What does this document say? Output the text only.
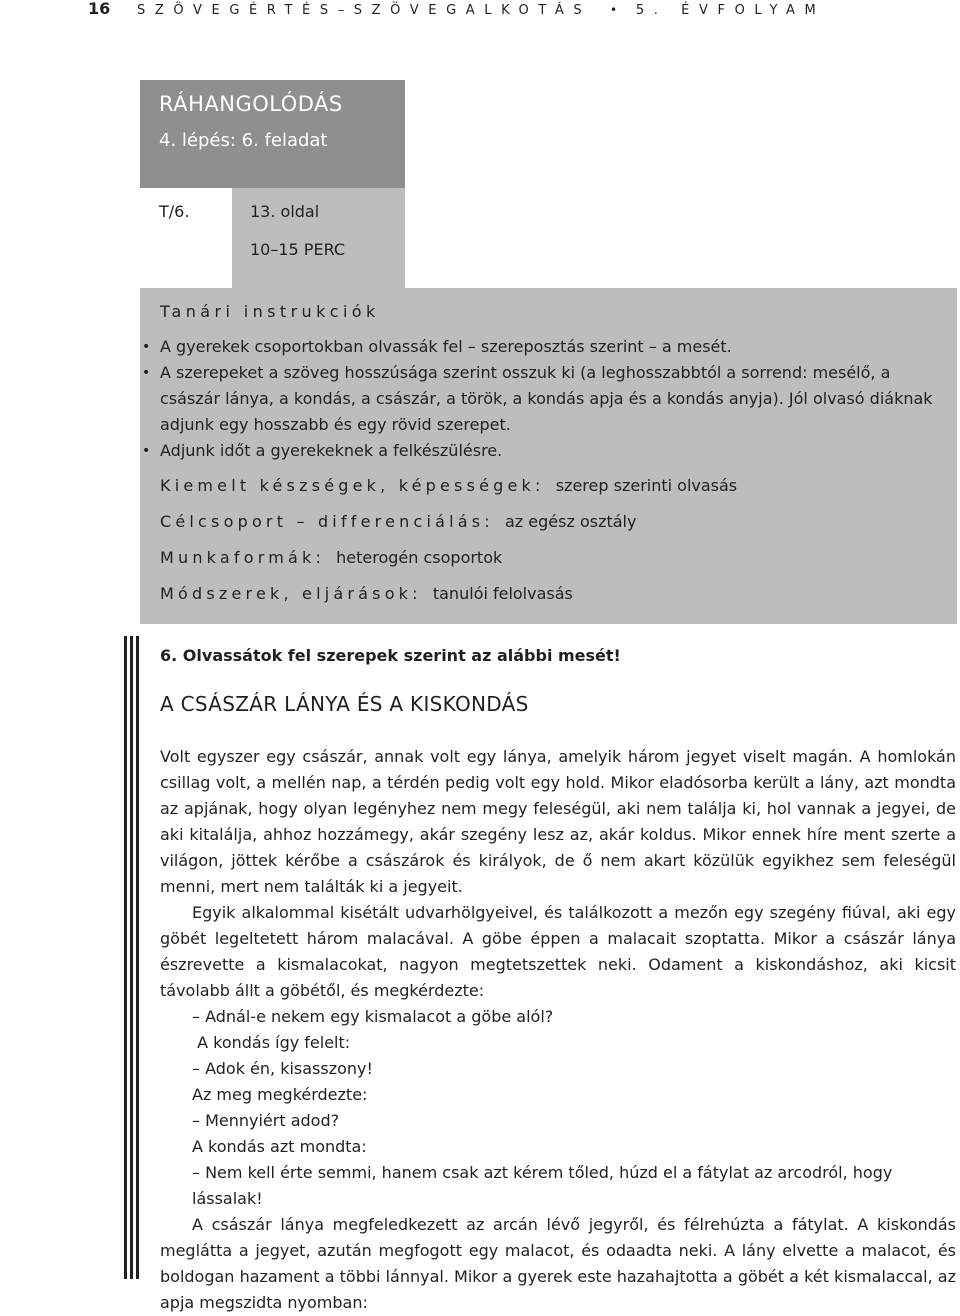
16 SZÖVEGÉRTÉS–SZÖVEGALKOTÁS • 5. ÉVFOLYAM
RÁHANGOLÓDÁS
4. lépés: 6. feladat
T/6.	13. oldal
10–15 PERC
Tanári instrukciók
• A gyerekek csoportokban olvassák fel – szereposztás szerint – a mesét.
• A szerepeket a szöveg hosszúsága szerint osszuk ki (a leghosszabbtól a sorrend: mesélő, a császár lánya, a kondás, a császár, a török, a kondás apja és a kondás anyja). Jól olvasó diáknak adjunk egy hosszabb és egy rövid szerepet.
• Adjunk időt a gyerekeknek a felkészülésre.
Kiemelt készségek, képességek: szerep szerinti olvasás
Célcsoport – differenciálás: az egész osztály
Munkaformák: heterogén csoportok
Módszerek, eljárások: tanulói felolvasás
6. Olvassátok fel szerepek szerint az alábbi mesét!
A CSÁSZÁR LÁNYA ÉS A KISKONDÁS

Volt egyszer egy császár, annak volt egy lánya, amelyik három jegyet viselt magán. A homlokán csillag volt, a mellén nap, a térdén pedig volt egy hold. Mikor eladósorba került a lány, azt mondta az apjának, hogy olyan legényhez nem megy feleségül, aki nem találja ki, hol vannak a jegyei, de aki kitalálja, ahhoz hozzámegy, akár szegény lesz az, akár koldus. Mikor ennek híre ment szerte a világon, jöttek kérőbe a császárok és királyok, de ő nem akart közülük egyikhez sem feleségül menni, mert nem találták ki a jegyeit.

Egyik alkalommal kisétált udvarhölgyeivel, és találkozott a mezőn egy szegény fiúval, aki egy göbét legeltetett három malacával. A göbe éppen a malacait szoptatta. Mikor a császár lánya észrevette a kismalacokat, nagyon megtetszettek neki. Odament a kiskondáshoz, aki kicsit távolabb állt a göbétől, és megkérdezte:

– Adnál-e nekem egy kismalacot a göbe alól?

A kondás így felelt:

– Adok én, kisasszony!

Az meg megkérdezte:

– Mennyiért adod?

A kondás azt mondta:

– Nem kell érte semmi, hanem csak azt kérem tőled, húzd el a fátylat az arcodról, hogy lássalak!

A császár lánya megfeledkezett az arcán lévő jegyről, és félrehúzta a fátylat. A kiskondás meglátta a jegyet, azután megfogott egy malacot, és odaadta neki. A lány elvette a malacot, és boldogan hazament a többi lánnyal. Mikor a gyerek este hazahajtotta a göbét a két kismalaccal, az apja megszidta nyomban:
